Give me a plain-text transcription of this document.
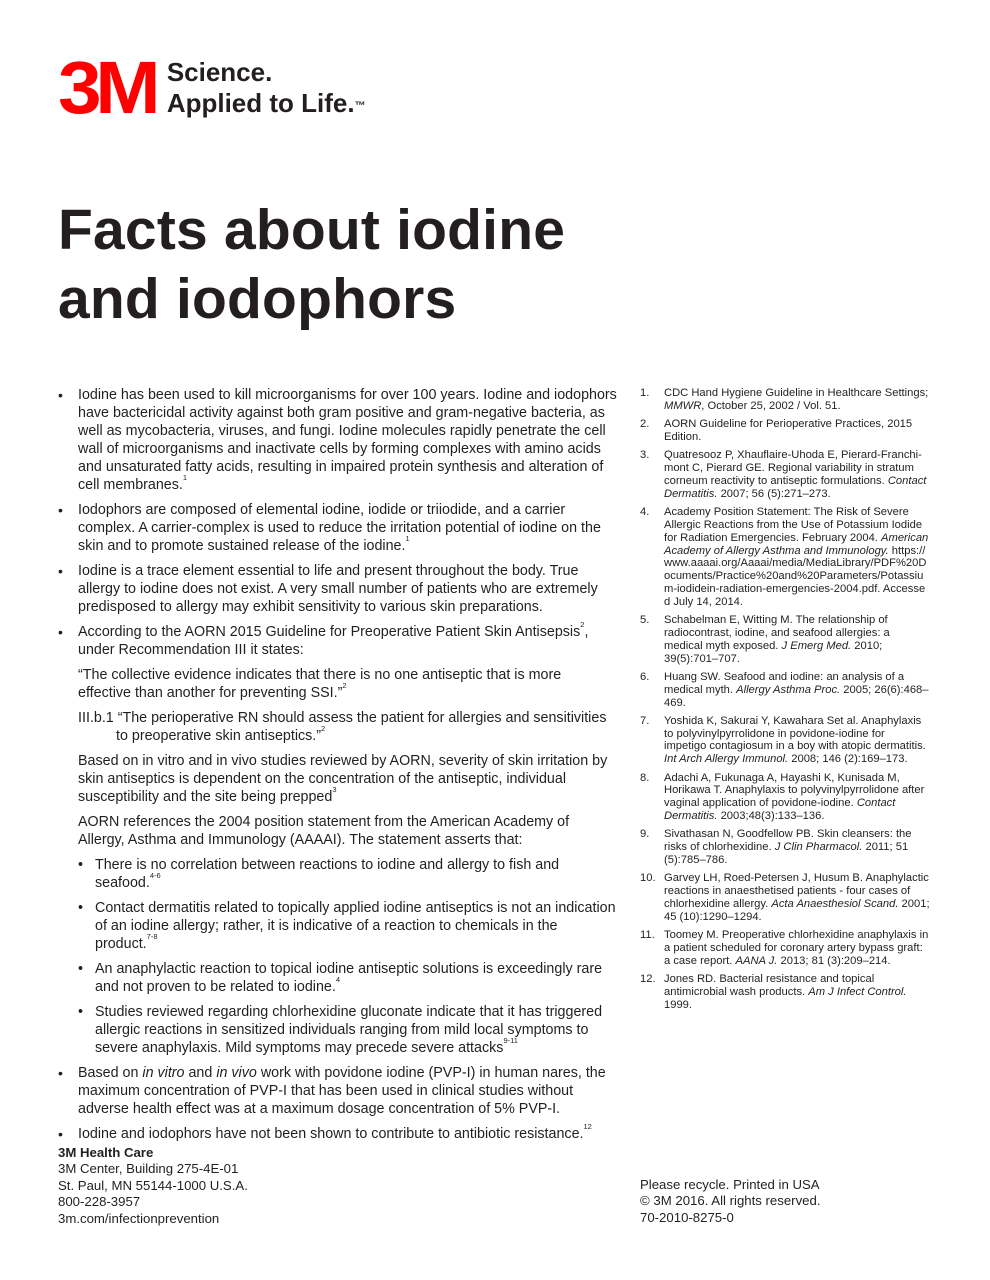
3M Science.
Applied to Life.™
Facts about iodine
and iodophors
• Iodine has been used to kill microorganisms for over 100 years. Iodine and iodophors have bactericidal activity against both gram positive and gram-negative bacteria, as well as mycobacteria, viruses, and fungi. Iodine molecules rapidly penetrate the cell wall of microorganisms and inactivate cells by forming complexes with amino acids and unsaturated fatty acids, resulting in impaired protein synthesis and alteration of cell membranes.$^1$
• Iodophors are composed of elemental iodine, iodide or triiodide, and a carrier complex. A carrier-complex is used to reduce the irritation potential of iodine on the skin and to promote sustained release of the iodine.$^1$
• Iodine is a trace element essential to life and present throughout the body. True allergy to iodine does not exist. A very small number of patients who are extremely predisposed to allergy may exhibit sensitivity to various skin preparations.

• According to the AORN 2015 Guideline for Preoperative Patient Skin Antisepsis$^2$, under Recommendation III it states:

“The collective evidence indicates that there is no one antiseptic that is more effective than another for preventing SSI.”$^2$

III.b.1 “The perioperative RN should assess the patient for allergies and sensitivities to preoperative skin antiseptics.”$^2$

Based on in vitro and in vivo studies reviewed by AORN, severity of skin irritation by skin antiseptics is dependent on the concentration of the antiseptic, individual susceptibility and the site being prepped$^3$

AORN references the 2004 position statement from the American Academy of Allergy, Asthma and Immunology (AAAAI). The statement asserts that:

• There is no correlation between reactions to iodine and allergy to fish and seafood.$^{4-6}$
• Contact dermatitis related to topically applied iodine antiseptics is not an indication of an iodine allergy; rather, it is indicative of a reaction to chemicals in the product.$^{7-8}$
• An anaphylactic reaction to topical iodine antiseptic solutions is exceedingly rare and not proven to be related to iodine.$^4$
• Studies reviewed regarding chlorhexidine gluconate indicate that it has triggered allergic reactions in sensitized individuals ranging from mild local symptoms to severe anaphylaxis. Mild symptoms may precede severe attacks$^{9-11}$
• Based on in vitro and in vivo work with povidone iodine (PVP-I) in human nares, the maximum concentration of PVP-I that has been used in clinical studies without adverse health effect was at a maximum dosage concentration of 5% PVP-I.
• Iodine and iodophors have not been shown to contribute to antibiotic resistance.$^{12}$
1.	CDC Hand Hygiene Guideline in Healthcare Settings; MMWR, October 25, 2002 / Vol. 51.
2.	AORN Guideline for Perioperative Practices, 2015 Edition.
3.	Quatresooz P, Xhauflaire-Uhoda E, Pierard-Franchi-mont C, Pierard GE. Regional variability in stratum corneum reactivity to antiseptic formulations. Contact Dermatitis. 2007; 56 (5):271–273.
4.	Academy Position Statement: The Risk of Severe Allergic Reactions from the Use of Potassium Iodide for Radiation Emergencies. February 2004. American Academy of Allergy Asthma and Immunology. https://www.aaaai.org/Aaaai/media/MediaLibrary/PDF%20Documents/Practice%20and%20Parameters/Potassium-iodidein-radiation-emergencies-2004.pdf. Accessed July 14, 2014.
5.	Schabelman E, Witting M. The relationship of radiocontrast, iodine, and seafood allergies: a medical myth exposed. J Emerg Med. 2010; 39(5):701–707.
6.	Huang SW. Seafood and iodine: an analysis of a medical myth. Allergy Asthma Proc. 2005; 26(6):468–469.
7.	Yoshida K, Sakurai Y, Kawahara Set al. Anaphylaxis to polyvinylpyrrolidone in povidone-iodine for impetigo contagiosum in a boy with atopic dermatitis. Int Arch Allergy Immunol. 2008; 146 (2):169–173.
8.	Adachi A, Fukunaga A, Hayashi K, Kunisada M, Horikawa T. Anaphylaxis to polyvinylpyrrolidone after vaginal application of povidone-iodine. Contact Dermatitis. 2003;48(3):133–136.
9.	Sivathasan N, Goodfellow PB. Skin cleansers: the risks of chlorhexidine. J Clin Pharmacol. 2011; 51 (5):785–786.
10. Garvey LH, Roed-Petersen J, Husum B. Anaphylactic reactions in anaesthetised patients - four cases of chlorhexidine allergy. Acta Anaesthesiol Scand. 2001; 45 (10):1290–1294.
11. Toomey M. Preoperative chlorhexidine anaphylaxis in a patient scheduled for coronary artery bypass graft: a case report. AANA J. 2013; 81 (3):209–214.
12. Jones RD. Bacterial resistance and topical antimicrobial wash products. Am J Infect Control. 1999.
3M Health Care
3M Center, Building 275-4E-01
St. Paul, MN 55144-1000 U.S.A.
800-228-3957
3m.com/infectionprevention
Please recycle. Printed in USA
© 3M 2016. All rights reserved.
70-2010-8275-0
